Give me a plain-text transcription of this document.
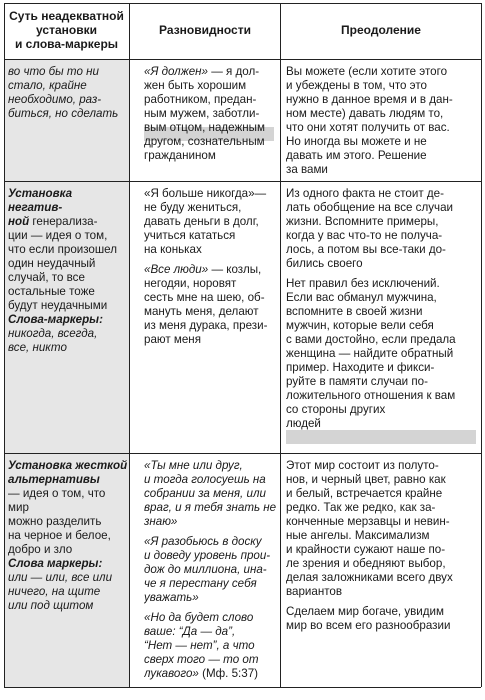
Суть неадекватной

установки

и слова-маркеры

Разновидности	Преодоление

во что бы то ни

стало, крайне

необходимо, раз-

биться, но сделать

«Я должен» — я дол-

жен быть хорошим

работником, предан-

ным мужем, заботли-

вым отцом, надежным

другом, сознательным

гражданином

Вы можете (если хотите этого

и убеждены в том, что это

нужно в данное время и в дан-

ном месте) давать людям то,

что они хотят получить от вас.

Но иногда вы можете и не

давать им этого. Решение

за вами

Установка негатив-

ной генерализа-

ции — идея о том,

что если произошел

один неудачный

случай, то все

остальные тоже

будут неудачными

Слова-маркеры:

никогда, всегда,

все, никто

«Я больше никогда»—

не буду жениться,

давать деньги в долг,

учиться кататься

на коньках

«Все люди» — козлы,

негодяи, норовят

сесть мне на шею, об-

мануть меня, делают

из меня дурака, прези-

рают меня

Из одного факта не стоит де-

лать обобщение на все случаи

жизни. Вспомните примеры,

когда у вас что-то не получа-

лось, а потом вы все-таки до-

бились своего

Нет правил без исключений.

Если вас обманул мужчина,

вспомните в своей жизни

мужчин, которые вели себя

с вами достойно, если предала

женщина — найдите обратный

пример. Находите и фикси-

руйте в памяти случаи по-

ложительного отношения к вам

со стороны других

людей

Установка жесткой

альтернативы

— идея о том, что мир

можно разделить

на черное и белое,

добро и зло

Слова маркеры:

или — или, все или

ничего, на щите

или под щитом

«Ты мне или друг,

и тогда голосуешь на

собрании за меня, или

враг, и я тебя знать не

знаю»

«Я разобьюсь в доску

и доведу уровень прои-

дож до миллиона, ина-

че я перестану себя

уважать»

«Но да будет слово

ваше: “Да — да”,

“Нет — нет”, а что

сверх того — то от

лукавого» (Мф. 5:37)

Этот мир состоит из полуто-

нов, и черный цвет, равно как

и белый, встречается крайне

редко. Так же редко, как за-

конченные мерзавцы и невин-

ные ангелы. Максимализм

и крайности сужают наше по-

ле зрения и обедняют выбор,

делая заложниками всего двух

вариантов

Сделаем мир богаче, увидим

мир во всем его разнообразии
